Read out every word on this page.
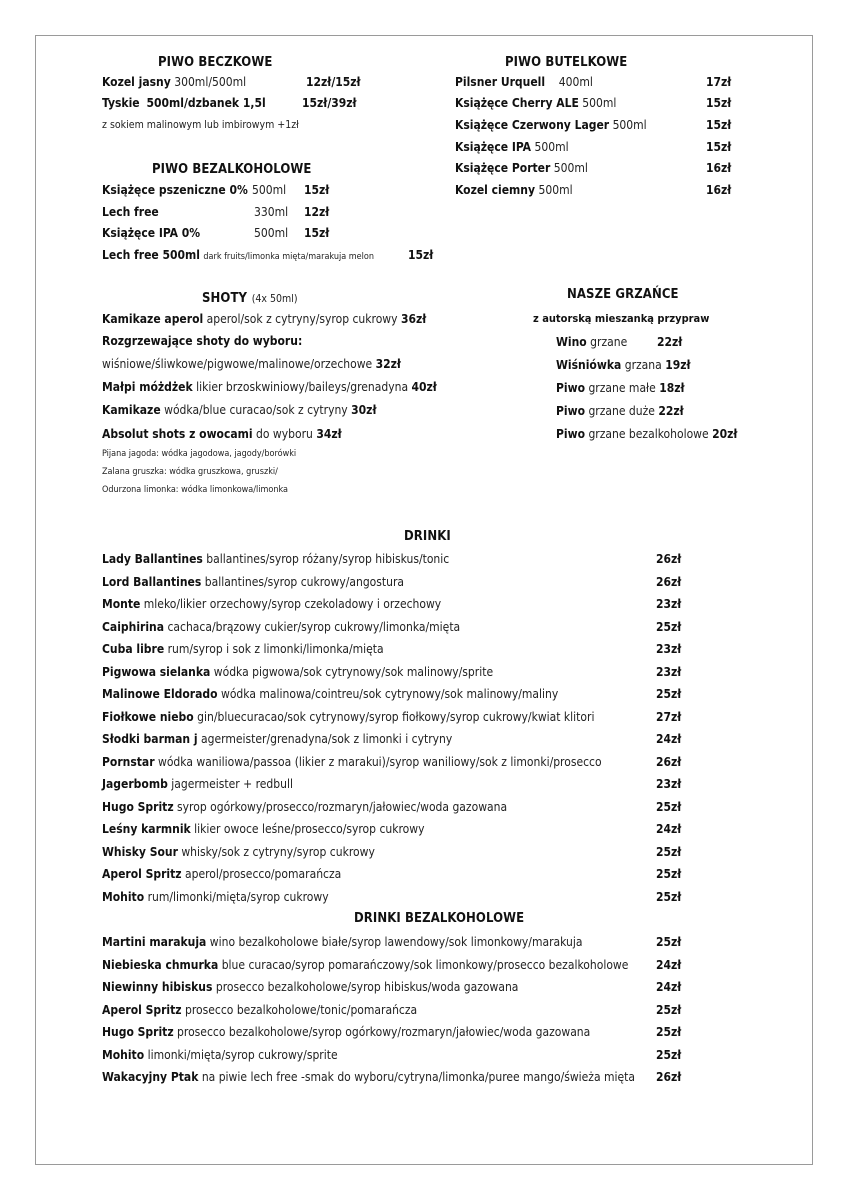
PIWO BECZKOWE
Kozel jasny 300ml/500ml	12zł/15zł
Tyskie 500ml/dzbanek 1,5l	15zł/39zł
z sokiem malinowym lub imbirowym +1zł
PIWO BUTELKOWE
Pilsner Urquell 400ml	17zł
Książęce Cherry ALE 500ml	15zł
Książęce Czerwony Lager 500ml	15zł
Książęce IPA 500ml	15zł
Książęce Porter 500ml	16zł
Kozel ciemny 500ml	16zł
PIWO BEZALKOHOLOWE
Książęce pszeniczne 0% 500ml 15zł
Lech free	330ml 12zł
Książęce IPA 0%	500ml 15zł
Lech free 500ml dark fruits/limonka mięta/marakuja melon	15zł
SHOTY (4x 50ml)
Kamikaze aperol aperol/sok z cytryny/syrop cukrowy 36zł
Rozgrzewające shoty do wyboru:
wiśniowe/śliwkowe/pigwowe/malinowe/orzechowe 32zł
Małpi móżdżek likier brzoskwiniowy/baileys/grenadyna 40zł
Kamikaze wódka/blue curacao/sok z cytryny 30zł
Absolut shots z owocami do wyboru 34zł
Pijana jagoda: wódka jagodowa, jagody/borówki
Zalana gruszka: wódka gruszkowa, gruszki/
Odurzona limonka: wódka limonkowa/limonka
NASZE GRZAŃCE
z autorską mieszanką przypraw
Wino grzane 22zł
Wiśniówka grzana 19zł
Piwo grzane małe 18zł
Piwo grzane duże 22zł
Piwo grzane bezalkoholowe 20zł
DRINKI
Lady Ballantines ballantines/syrop różany/syrop hibiskus/tonic	26zł
Lord Ballantines ballantines/syrop cukrowy/angostura	26zł
Monte mleko/likier orzechowy/syrop czekoladowy i orzechowy	23zł
Caiphirina cachaca/brązowy cukier/syrop cukrowy/limonka/mięta	25zł
Cuba libre rum/syrop i sok z limonki/limonka/mięta	23zł
Pigwowa sielanka wódka pigwowa/sok cytrynowy/sok malinowy/sprite	23zł
Malinowe Eldorado wódka malinowa/cointreu/sok cytrynowy/sok malinowy/maliny	25zł
Fiołkowe niebo gin/bluecuracao/sok cytrynowy/syrop fiołkowy/syrop cukrowy/kwiat klitori	27zł
Słodki barman j agermeister/grenadyna/sok z limonki i cytryny	24zł
Pornstar wódka waniliowa/passoa (likier z marakui)/syrop waniliowy/sok z limonki/prosecco	26zł
Jagerbomb jagermeister + redbull	23zł
Hugo Spritz syrop ogórkowy/prosecco/rozmaryn/jałowiec/woda gazowana	25zł
Leśny karmnik likier owoce leśne/prosecco/syrop cukrowy	24zł
Whisky Sour whisky/sok z cytryny/syrop cukrowy	25zł
Aperol Spritz aperol/prosecco/pomarańcza	25zł
Mohito rum/limonki/mięta/syrop cukrowy	25zł
DRINKI BEZALKOHOLOWE
Martini marakuja wino bezalkoholowe białe/syrop lawendowy/sok limonkowy/marakuja	25zł
Niebieska chmurka blue curacao/syrop pomarańczowy/sok limonkowy/prosecco bezalkoholowe 24zł
Niewinny hibiskus prosecco bezalkoholowe/syrop hibiskus/woda gazowana	24zł
Aperol Spritz prosecco bezalkoholowe/tonic/pomarańcza	25zł
Hugo Spritz prosecco bezalkoholowe/syrop ogórkowy/rozmaryn/jałowiec/woda gazowana	25zł
Mohito limonki/mięta/syrop cukrowy/sprite	25zł
Wakacyjny Ptak na piwie lech free -smak do wyboru/cytryna/limonka/puree mango/świeża mięta 26zł
